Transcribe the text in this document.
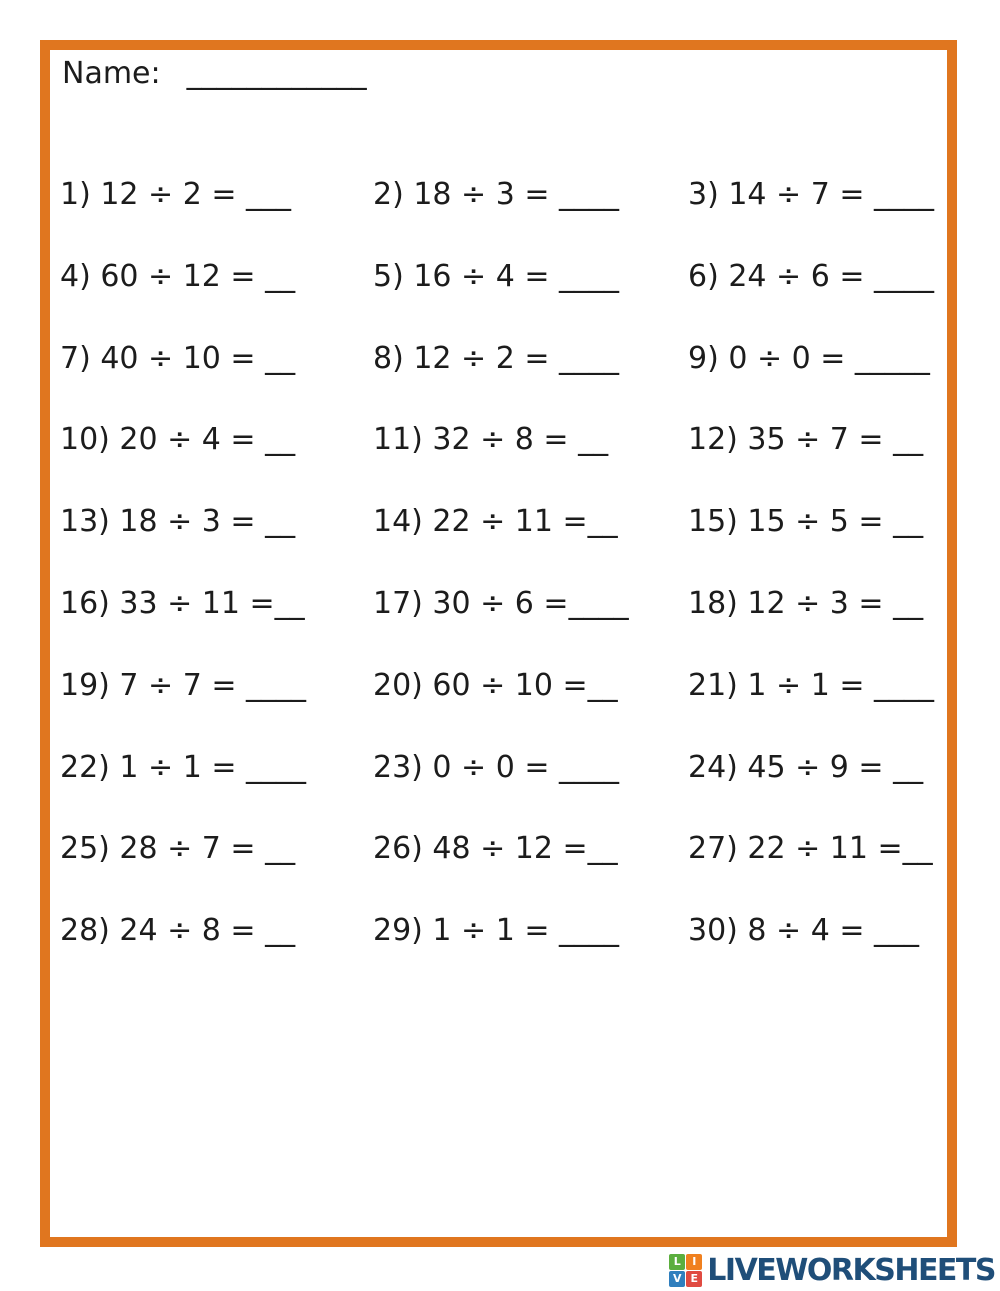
Name: ____________
1) 12 ÷ 2 = ___	2) 18 ÷ 3 = ____	3) 14 ÷ 7 = ____
4) 60 ÷ 12 = __	5) 16 ÷ 4 = ____	6) 24 ÷ 6 = ____
7) 40 ÷ 10 = __	8) 12 ÷ 2 = ____	9) 0 ÷ 0 = _____
10) 20 ÷ 4 = __	11) 32 ÷ 8 = __	12) 35 ÷ 7 = __
13) 18 ÷ 3 = __	14) 22 ÷ 11 =__	15) 15 ÷ 5 = __
16) 33 ÷ 11 =__	17) 30 ÷ 6 =____	18) 12 ÷ 3 = __
19) 7 ÷ 7 = ____	20) 60 ÷ 10 =__	21) 1 ÷ 1 = ____
22) 1 ÷ 1 = ____	23) 0 ÷ 0 = ____	24) 45 ÷ 9 = __
25) 28 ÷ 7 = __	26) 48 ÷ 12 =__	27) 22 ÷ 11 =__
28) 24 ÷ 8 = __	29) 1 ÷ 1 = ____	30) 8 ÷ 4 = ___
L	I
V E LIVEWORKSHEETS
